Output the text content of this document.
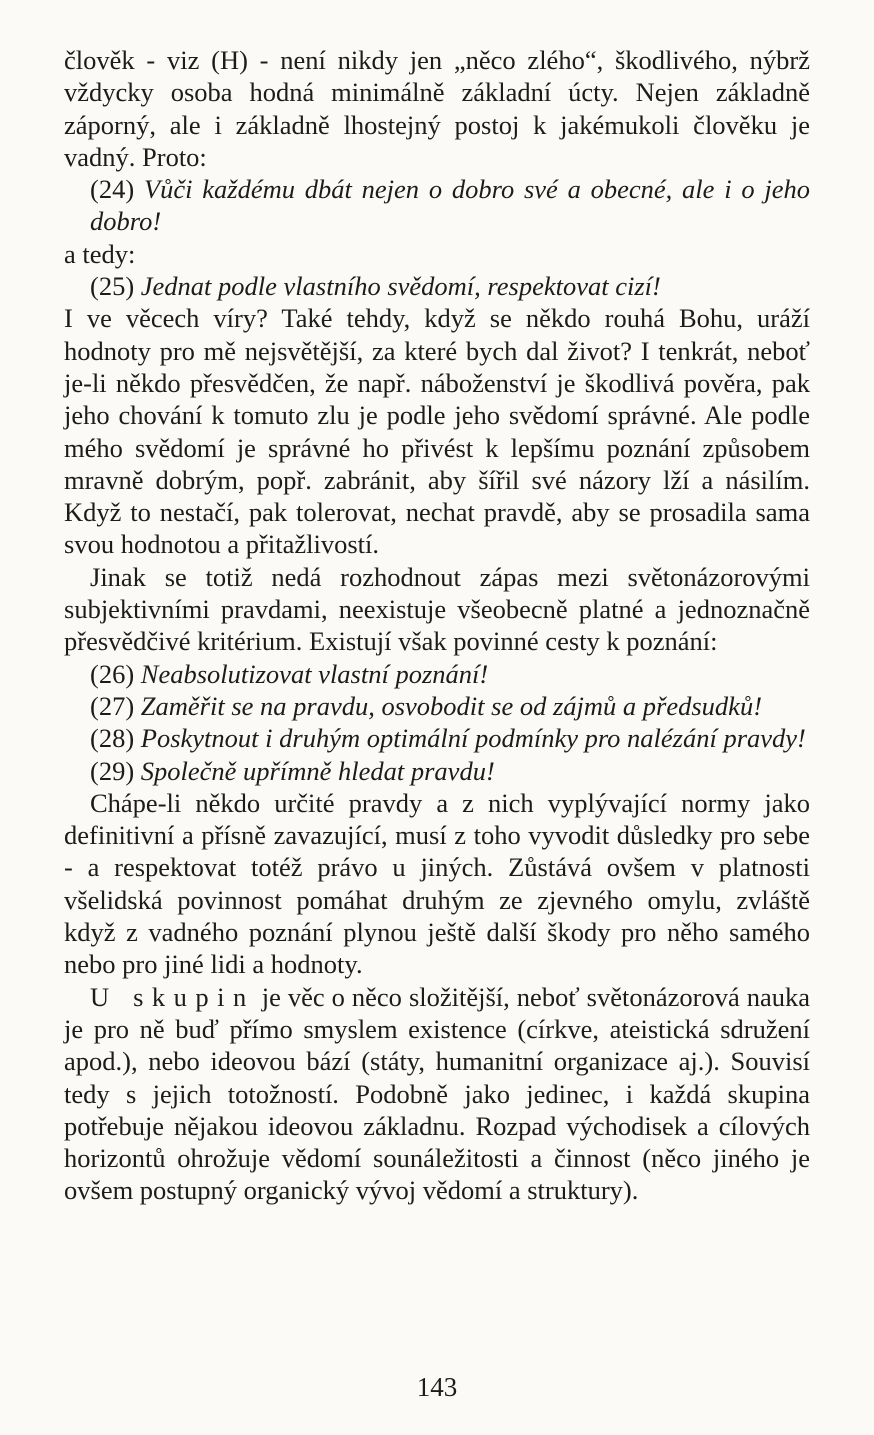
člověk - viz (H) - není nikdy jen „něco zlého“, škodlivého, nýbrž vždycky osoba hodná minimálně základní úcty. Nejen základně záporný, ale i základně lhostejný postoj k jakémukoli člověku je vadný. Proto:

(24) Vůči každému dbát nejen o dobro své a obecné, ale i o jeho dobro!

a tedy:

(25) Jednat podle vlastního svědomí, respektovat cizí!

I ve věcech víry? Také tehdy, když se někdo rouhá Bohu, uráží hodnoty pro mě nejsvětější, za které bych dal život? I tenkrát, neboť je-li někdo přesvědčen, že např. náboženství je škodlivá pověra, pak jeho chování k tomuto zlu je podle jeho svědomí správné. Ale podle mého svědomí je správné ho přivést k lepšímu poznání způsobem mravně dobrým, popř. zabránit, aby šířil své názory lží a násilím. Když to nestačí, pak tolerovat, nechat pravdě, aby se prosadila sama svou hodnotou a přitažlivostí.

Jinak se totiž nedá rozhodnout zápas mezi světonázorovými subjektivními pravdami, neexistuje všeobecně platné a jednoznačně přesvědčivé kritérium. Existují však povinné cesty k poznání:

(26) Neabsolutizovat vlastní poznání!

(27) Zaměřit se na pravdu, osvobodit se od zájmů a předsudků!

(28) Poskytnout i druhým optimální podmínky pro nalézání pravdy!

(29) Společně upřímně hledat pravdu!

Chápe-li někdo určité pravdy a z nich vyplývající normy jako definitivní a přísně zavazující, musí z toho vyvodit důsledky pro sebe - a respektovat totéž právo u jiných. Zůstává ovšem v platnosti všelidská povinnost pomáhat druhým ze zjevného omylu, zvláště když z vadného poznání plynou ještě další škody pro něho samého nebo pro jiné lidi a hodnoty.

U skupin je věc o něco složitější, neboť světonázorová nauka je pro ně buď přímo smyslem existence (církve, ateistická sdružení apod.), nebo ideovou bází (státy, humanitní organizace aj.). Souvisí tedy s jejich totožností. Podobně jako jedinec, i každá skupina potřebuje nějakou ideovou základnu. Rozpad východisek a cílových horizontů ohrožuje vědomí sounáležitosti a činnost (něco jiného je ovšem postupný organický vývoj vědomí a struktury).

143
